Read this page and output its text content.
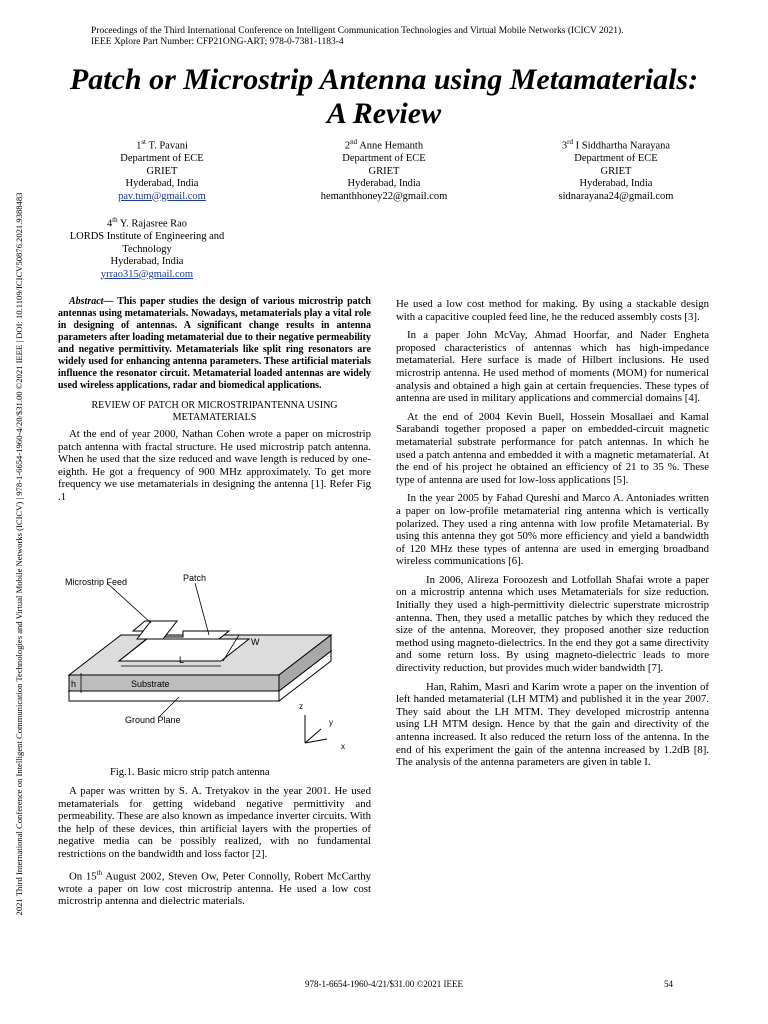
Proceedings of the Third International Conference on Intelligent Communication Technologies and Virtual Mobile Networks (ICICV 2021).
IEEE Xplore Part Number: CFP21ONG-ART; 978-0-7381-1183-4
2021 Third International Conference on Intelligent Communication Technologies and Virtual Mobile Networks (ICICV) | 978-1-6654-1960-4/20/$31.00 ©2021 IEEE | DOI: 10.1109/ICICV50876.2021.9388483
Patch or Microstrip Antenna using Metamaterials:
A Review
1st T. Pavani
Department of ECE
GRIET
Hyderabad, India
pav.tum@gmail.com
2nd Anne Hemanth
Department of ECE
GRIET
Hyderabad, India
hemanthhoney22@gmail.com
3rd I Siddhartha Narayana
Department of ECE
GRIET
Hyderabad, India
sidnarayana24@gmail.com
4th Y. Rajasree Rao
LORDS Institute of Engineering and
Technology
Hyderabad, India
yrrao315@gmail.com

Abstract— This paper studies the design of various microstrip patch antennas using metamaterials. Nowadays, metamaterials play a vital role in designing of antennas. A significant change results in antenna parameters after loading metamaterial due to their negative permeability and negative permittivity. Metamaterials like split ring resonators are widely used for enhancing antenna parameters. These artificial materials influence the resonator circuit. Metamaterial loaded antennas are widely used wireless applications, radar and biomedical applications.

REVIEW OF PATCH OR MICROSTRIPANTENNA USING METAMATERIALS

At the end of year 2000, Nathan Cohen wrote a paper on microstrip patch antenna with fractal structure. He used microstrip patch antenna. When he used that the size reduced and wave length is reduced by one-eighth. He got a frequency of 900 MHz approximately. To get more frequency we use metamaterials in designing the antenna [1]. Refer Fig .1

Microstrip Feed	Patch
W
L
h	Substrate
Ground Plane
z
y
x
Fig.1. Basic micro strip patch antenna

A paper was written by S. A. Tretyakov in the year 2001. He used metamaterials for getting wideband negative permittivity and permeability. These are also known as impedance inverter circuits. With the help of these devices, thin artificial layers with the properties of negative media can be possibly realized, with no fundamental restrictions on the bandwidth and loss factor [2].

On 15th August 2002, Steven Ow, Peter Connolly, Robert McCarthy wrote a paper on low cost microstrip antenna. He used a low cost microstrip antenna and dielectric materials.

He used a low cost method for making. By using a stackable design with a capacitive coupled feed line, he the reduced assembly costs [3].

In a paper John McVay, Ahmad Hoorfar, and Nader Engheta proposed characteristics of antennas which has high-impedance metamaterial. Here surface is made of Hilbert inclusions. He used microstrip antenna. He used method of moments (MOM) for numerical analysis and obtained a high gain at certain frequencies. These types of antenna are used in military applications and commercial domains [4].

At the end of 2004 Kevin Buell, Hossein Mosallaei and Kamal Sarabandi together proposed a paper on embedded-circuit magnetic metamaterial substrate performance for patch antennas. In which he used a patch antenna and embedded it with a magnetic metamaterial. At the end of his project he obtained an efficiency of 21 to 35 %. These type of antenna are used for low-loss applications [5].

In the year 2005 by Fahad Qureshi and Marco A. Antoniades written a paper on low-profile metamaterial ring antenna which is vertically polarized. They used a ring antenna with low profile Metamaterial. By using this antenna they got 50% more efficiency and yield a bandwidth of 120 MHz these types of antenna are used in emerging broadband wireless communications [6].

In 2006, Alireza Foroozesh and Lotfollah Shafai wrote a paper on a microstrip antenna which uses Metamaterials for size reduction. Initially they used a high-permittivity dielectric superstrate microstrip antenna. Then, they used a metallic patches by which they reduced the size of the antenna. Moreover, they proposed another size reduction method using magneto-dielectrics. In the end they got a same directivity and some return loss. By using magneto-dielectric leads to more directivity reduction, but provides much wider bandwidth [7].

Han, Rahim, Masri and Karim wrote a paper on the invention of left handed metamaterial (LH MTM) and published it in the year 2007. They said about the LH MTM. They developed microstrip antenna using LH MTM design. Hence by that the gain and directivity of the antenna increased. It also reduced the return loss of the antenna. In the end of his experiment the gain of the antenna increased by 1.2dB [8]. The analysis of the antenna parameters are given in table I.

978-1-6654-1960-4/21/$31.00 ©2021 IEEE	54
